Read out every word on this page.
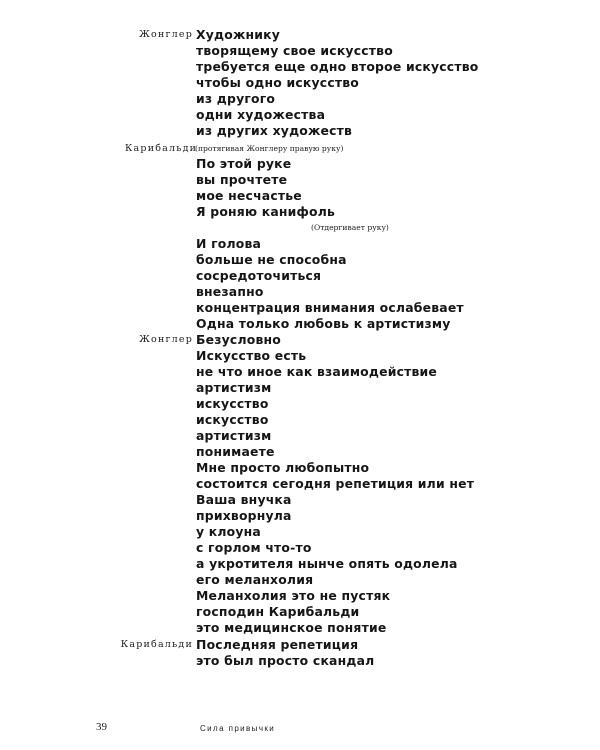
Жонглер
Карибальди
(протягивая Жонглеру правую руку)
Жонглер
Карибальди
(Отдергивает руку)
Художнику
творящему свое искусство
требуется еще одно второе искусство
чтобы одно искусство
из другого
одни художества
из других художеств
По этой руке
вы прочтете
мое несчастье
Я роняю канифоль
И голова
больше не способна
сосредоточиться
внезапно
концентрация внимания ослабевает
Одна только любовь к артистизму
Безусловно
Искусство есть
не что иное как взаимодействие
артистизм
искусство
искусство
артистизм
понимаете
Мне просто любопытно
состоится сегодня репетиция или нет
Ваша внучка
прихворнула
у клоуна
с горлом что-то
а укротителя нынче опять одолела
его меланхолия
Меланхолия это не пустяк
господин Карибальди
это медицинское понятие
Последняя репетиция
это был просто скандал
39	Сила привычки
